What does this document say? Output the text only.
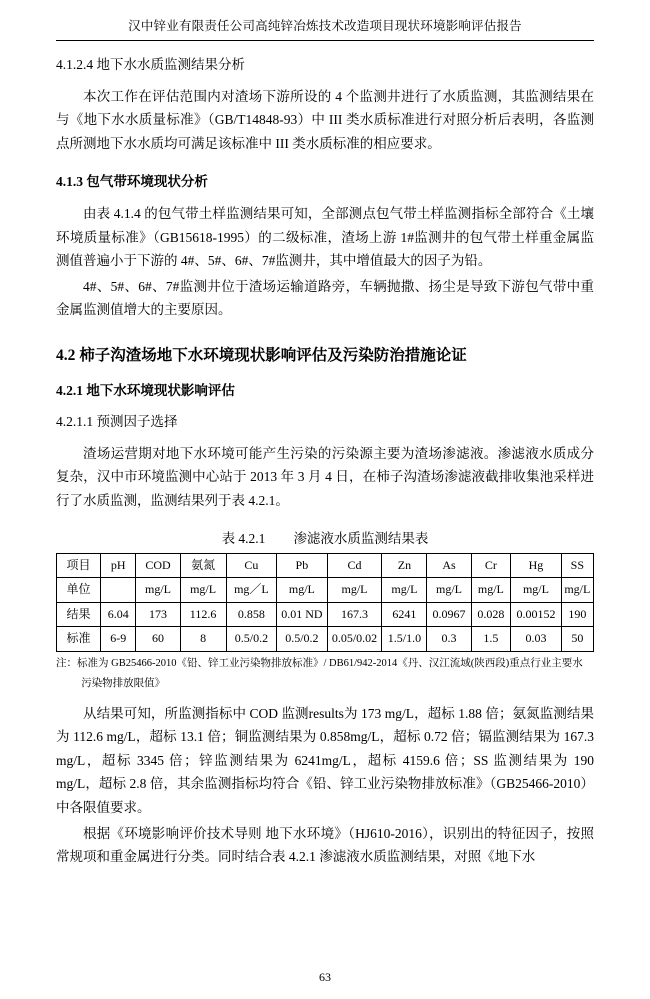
汉中锌业有限责任公司高纯锌冶炼技术改造项目现状环境影响评估报告
4.1.2.4 地下水水质监测结果分析

本次工作在评估范围内对渣场下游所设的 4 个监测井进行了水质监测，其监测结果在与《地下水水质量标准》（GB/T14848-93）中 III 类水质标准进行对照分析后表明，各监测点所测地下水水质均可满足该标准中 III 类水质标准的相应要求。

4.1.3 包气带环境现状分析

由表 4.1.4 的包气带土样监测结果可知，全部测点包气带土样监测指标全部符合《土壤环境质量标准》（GB15618-1995）的二级标准，渣场上游 1#监测井的包气带土样重金属监测值普遍小于下游的 4#、5#、6#、7#监测井，其中增值最大的因子为铅。

4#、5#、6#、7#监测井位于渣场运输道路旁，车辆抛撒、扬尘是导致下游包气带中重金属监测值增大的主要原因。

4.2 柿子沟渣场地下水环境现状影响评估及污染防治措施论证
4.2.1 地下水环境现状影响评估
4.2.1.1 预测因子选择

渣场运营期对地下水环境可能产生污染的污染源主要为渣场渗滤液。渗滤液水质成分复杂，汉中市环境监测中心站于 2013 年 3 月 4 日，在柿子沟渣场渗滤液截排收集池采样进行了水质监测，监测结果列于表 4.2.1。

表 4.2.1 渗滤液水质监测结果表
项目	pH	COD	氨氮	Cu	Pb	Cd	Zn	As	Cr	Hg	SS
单位		mg/L	mg/L	mg／L	mg/L	mg/L	mg/L	mg/L	mg/L	mg/L	mg/L
结果	6.04	173	112.6	0.858	0.01 ND	167.3	6241	0.0967	0.028	0.00152	190
标准	6-9	60	8	0.5/0.2	0.5/0.2	0.05/0.02	1.5/1.0	0.3	1.5	0.03	50

注：标准为 GB25466-2010《铅、锌工业污染物排放标准》/ DB61/942-2014《丹、汉江流域(陕西段)重点行业主要水

污染物排放限值》

从结果可知，所监测指标中 COD 监测results为 173 mg/L，超标 1.88 倍；氨氮监测结果为 112.6 mg/L，超标 13.1 倍；铜监测结果为 0.858mg/L，超标 0.72 倍；镉监测结果为 167.3 mg/L，超标 3345 倍；锌监测结果为 6241mg/L，超标 4159.6 倍；SS 监测结果为 190 mg/L，超标 2.8 倍，其余监测指标均符合《铅、锌工业污染物排放标准》（GB25466-2010）中各限值要求。

根据《环境影响评价技术导则 地下水环境》（HJ610-2016），识别出的特征因子，按照常规项和重金属进行分类。同时结合表 4.2.1 渗滤液水质监测结果，对照《地下水

63
